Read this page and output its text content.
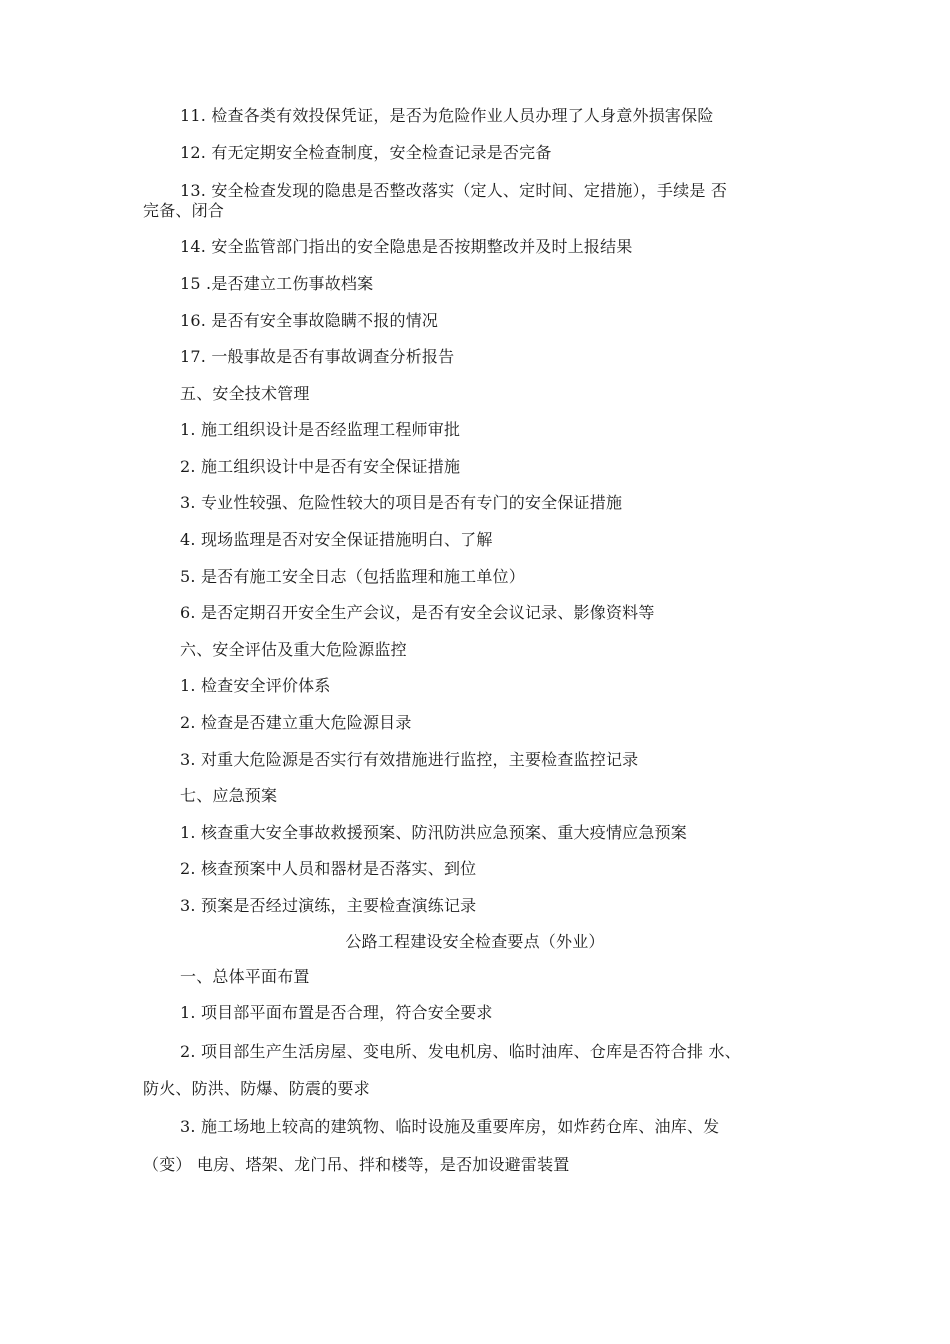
11. 检查各类有效投保凭证，是否为危险作业人员办理了人身意外损害保险
12. 有无定期安全检查制度，安全检查记录是否完备
13. 安全检查发现的隐患是否整改落实（定人、定时间、定措施），手续是 否
完备、闭合
14. 安全监管部门指出的安全隐患是否按期整改并及时上报结果
15 .是否建立工伤事故档案
16. 是否有安全事故隐瞒不报的情况
17. 一般事故是否有事故调查分析报告
五、安全技术管理
1. 施工组织设计是否经监理工程师审批
2. 施工组织设计中是否有安全保证措施
3. 专业性较强、危险性较大的项目是否有专门的安全保证措施
4. 现场监理是否对安全保证措施明白、了解
5. 是否有施工安全日志（包括监理和施工单位）
6. 是否定期召开安全生产会议，是否有安全会议记录、影像资料等
六、安全评估及重大危险源监控
1. 检查安全评价体系
2. 检查是否建立重大危险源目录
3. 对重大危险源是否实行有效措施进行监控，主要检查监控记录
七、应急预案
1. 核查重大安全事故救援预案、防汛防洪应急预案、重大疫情应急预案
2. 核查预案中人员和器材是否落实、到位
3. 预案是否经过演练，主要检查演练记录
公路工程建设安全检查要点（外业）
一、总体平面布置
1. 项目部平面布置是否合理，符合安全要求
2. 项目部生产生活房屋、变电所、发电机房、临时油库、仓库是否符合排 水、
防火、防洪、防爆、防震的要求
3. 施工场地上较高的建筑物、临时设施及重要库房，如炸药仓库、油库、发
（变） 电房、塔架、龙门吊、拌和楼等，是否加设避雷装置
